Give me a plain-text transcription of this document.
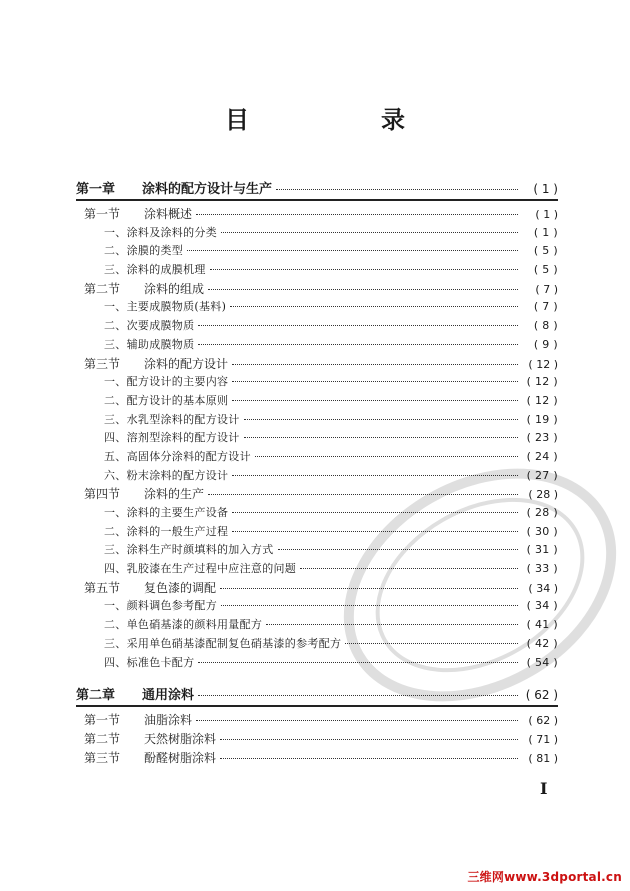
目　录
第一章 涂料的配方设计与生产	( 1 )
第一节 涂料概述	( 1 )
一、涂料及涂料的分类	( 1 )
二、涂膜的类型	( 5 )
三、涂料的成膜机理	( 5 )
第二节 涂料的组成	( 7 )
一、主要成膜物质(基料)	( 7 )
二、次要成膜物质	( 8 )
三、辅助成膜物质	( 9 )
第三节 涂料的配方设计	( 12 )
一、配方设计的主要内容	( 12 )
二、配方设计的基本原则	( 12 )
三、水乳型涂料的配方设计	( 19 )
四、溶剂型涂料的配方设计	( 23 )
五、高固体分涂料的配方设计	( 24 )
六、粉末涂料的配方设计	( 27 )
第四节 涂料的生产	( 28 )
一、涂料的主要生产设备	( 28 )
二、涂料的一般生产过程	( 30 )
三、涂料生产时颜填料的加入方式	( 31 )
四、乳胶漆在生产过程中应注意的问题	( 33 )
第五节 复色漆的调配	( 34 )
一、颜料调色参考配方	( 34 )
二、单色硝基漆的颜料用量配方	( 41 )
三、采用单色硝基漆配制复色硝基漆的参考配方	( 42 )
四、标准色卡配方	( 54 )
第二章 通用涂料	( 62 )
第一节 油脂涂料	( 62 )
第二节 天然树脂涂料	( 71 )
第三节 酚醛树脂涂料	( 81 )
I
三维网www.3dportal.cn
